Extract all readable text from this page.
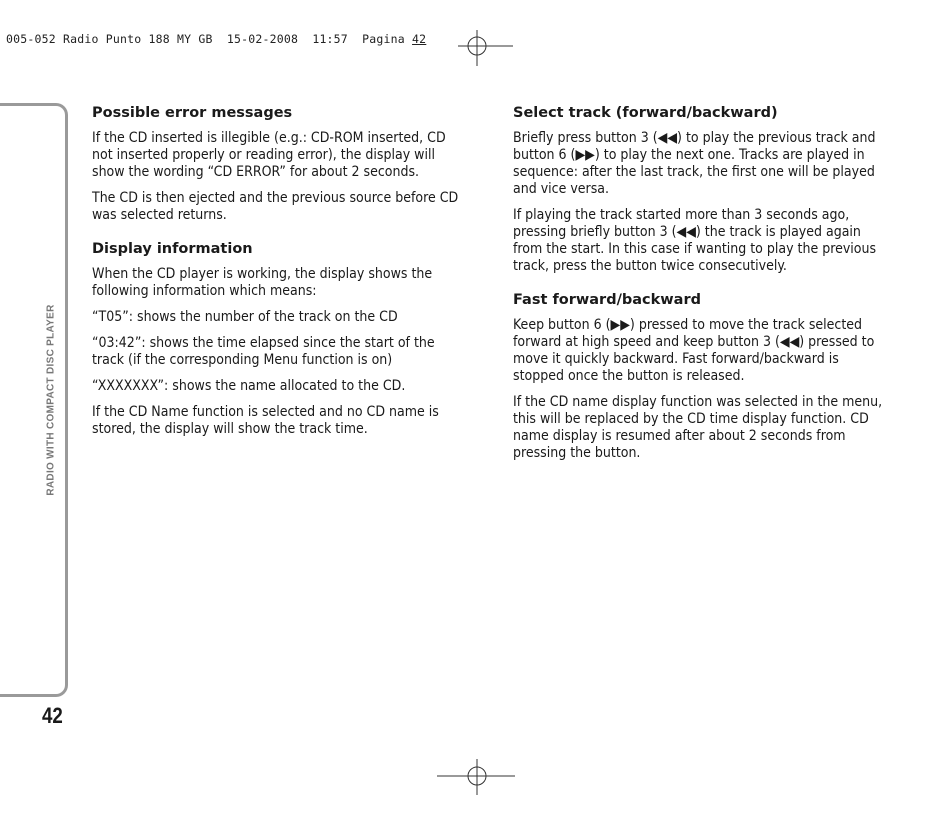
005-052 Radio Punto 188 MY GB  15-02-2008  11:57  Pagina 42
RADIO WITH COMPACT DISC PLAYER
42
Possible error messages

If the CD inserted is illegible (e.g.: CD-ROM inserted, CD not inserted properly or reading error), the display will show the wording “CD ERROR” for about 2 seconds.

The CD is then ejected and the previous source before CD was selected returns.

Display information

When the CD player is working, the display shows the following information which means:

“T05”: shows the number of the track on the CD

“03:42”: shows the time elapsed since the start of the track (if the corresponding Menu function is on)

“XXXXXXX”: shows the name allocated to the CD.

If the CD Name function is selected and no CD name is stored, the display will show the track time.

Select track (forward/backward)

Briefly press button 3 (◀◀) to play the previous track and button 6 (▶▶) to play the next one. Tracks are played in sequence: after the last track, the first one will be played and vice versa.

If playing the track started more than 3 seconds ago, pressing briefly button 3 (◀◀) the track is played again from the start. In this case if wanting to play the previous track, press the button twice consecutively.

Fast forward/backward

Keep button 6 (▶▶) pressed to move the track selected forward at high speed and keep button 3 (◀◀) pressed to move it quickly backward. Fast forward/backward is stopped once the button is released.

If the CD name display function was selected in the menu, this will be replaced by the CD time display function. CD name display is resumed after about 2 seconds from pressing the button.
